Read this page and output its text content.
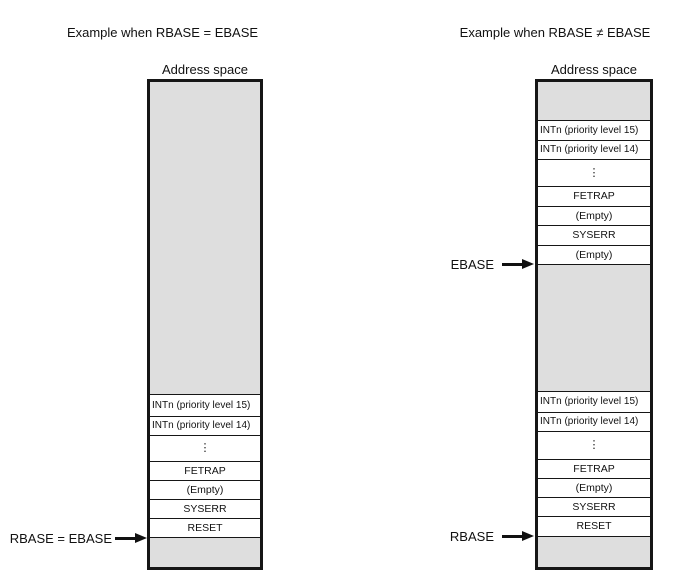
Example when RBASE = EBASE
Address space
INTn (priority level 15)
INTn (priority level 14)
⋮
FETRAP
(Empty)
SYSERR
RESET
RBASE = EBASE
Example when RBASE ≠ EBASE
Address space
INTn (priority level 15)
INTn (priority level 14)
⋮
FETRAP
(Empty)
SYSERR
(Empty)
INTn (priority level 15)
INTn (priority level 14)
⋮
FETRAP
(Empty)
SYSERR
RESET
EBASE
RBASE
